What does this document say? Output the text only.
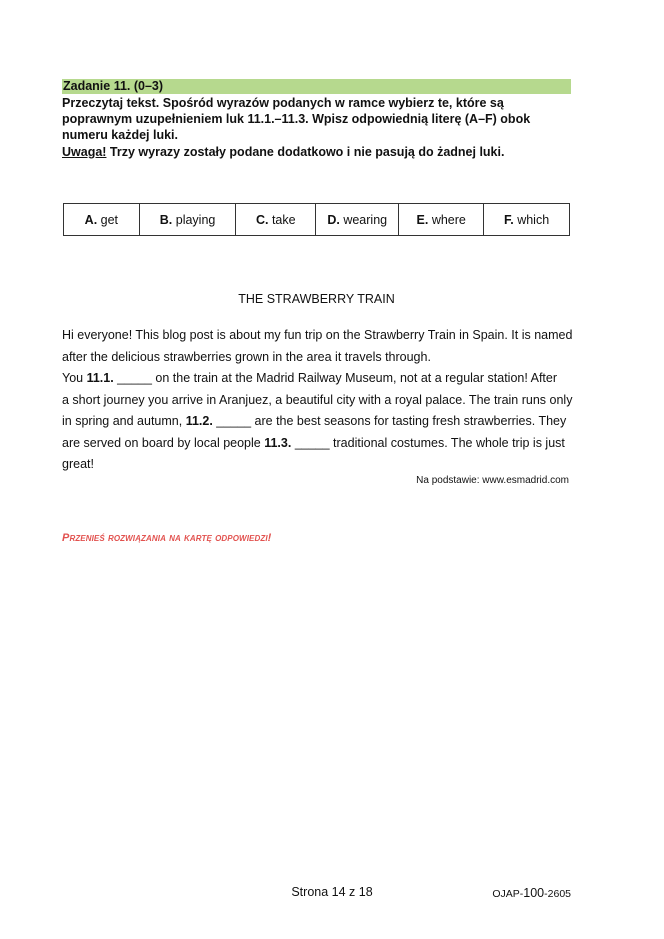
Zadanie 11. (0–3)

Przeczytaj tekst. Spośród wyrazów podanych w ramce wybierz te, które są

poprawnym uzupełnieniem luk 11.1.–11.3. Wpisz odpowiednią literę (A–F) obok

numeru każdej luki.

Uwaga! Trzy wyrazy zostały podane dodatkowo i nie pasują do żadnej luki.

A. get	B. playing	C. take	D. wearing	E. where	F. which
THE STRAWBERRY TRAIN
Hi everyone! This blog post is about my fun trip on the Strawberry Train in Spain. It is named
after the delicious strawberries grown in the area it travels through.
You 11.1. _____ on the train at the Madrid Railway Museum, not at a regular station! After
a short journey you arrive in Aranjuez, a beautiful city with a royal palace. The train runs only
in spring and autumn, 11.2. _____ are the best seasons for tasting fresh strawberries. They
are served on board by local people 11.3. _____ traditional costumes. The whole trip is just
great!
Na podstawie: www.esmadrid.com
Przenieś rozwiązania na kartę odpowiedzi!
Strona 14 z 18	OJAP-100-2605
